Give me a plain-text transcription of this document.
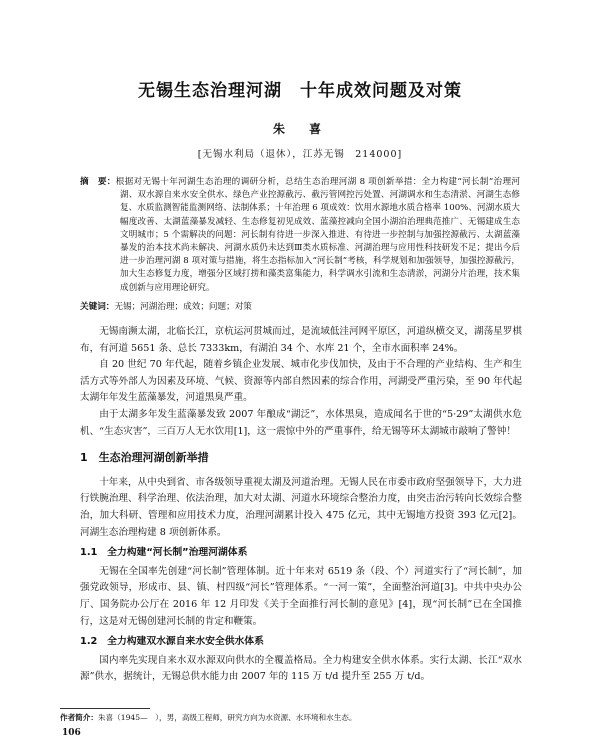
无锡生态治理河湖　十年成效问题及对策
朱　喜
[无锡水利局（退休），江苏无锡　214000]
摘　要：根据对无锡十年河湖生态治理的调研分析，总结生态治理河湖 8 项创新举措：全力构建“河长制”治理河湖、双水源自来水安全供水、绿色产业控源截污、截污管网控污处置、河湖调水和生态清淤、河湖生态修复、水质监测智能监测网络、法制体系；十年治理 6 项成效：饮用水源地水质合格率 100%、河湖水质大幅度改善、太湖蓝藻暴发减轻、生态修复初见成效、蓝藻控减向全国小湖泊治理典范推广、无锡建成生态文明城市；5 个需解决的问题：河长制有待进一步深入推进、有待进一步控制与加强控源截污、太湖蓝藻暴发的治本技术尚未解决、河湖水质仍未达到Ⅲ类水质标准、河湖治理与应用性科技研发不足；提出今后进一步治理河湖 8 项对策与措施，将生态指标加入“河长制”考核，科学规划和加强领导，加强控源截污，加大生态修复力度，增强分区域打捞和藻类富集能力，科学调水引流和生态清淤，河湖分片治理，技术集成创新与应用理论研究。
关键词：无锡；河湖治理；成效；问题；对策

无锡南濒太湖，北临长江，京杭运河贯城而过，是流域低洼河网平原区，河道纵横交叉，湖荡星罗棋布，有河道 5651 条、总长 7333km，有湖泊 34 个、水库 21 个，全市水面积率 24%。

自 20 世纪 70 年代起，随着乡镇企业发展、城市化步伐加快，及由于不合理的产业结构、生产和生活方式等外部人为因素及环境、气候、资源等内部自然因素的综合作用，河湖受严重污染，至 90 年代起太湖年年发生蓝藻暴发，河道黑臭严重。

由于太湖多年发生蓝藻暴发致 2007 年酿成“湖泛”，水体黑臭，造成闻名于世的“5·29”太湖供水危机、“生态灾害”，三百万人无水饮用[1]，这一震惊中外的严重事件，给无锡等环太湖城市敲响了警钟！

1　生态治理河湖创新举措

十年来，从中央到省、市各级领导重视太湖及河道治理。无锡人民在市委市政府坚强领导下，大力进行铁腕治理、科学治理、依法治理，加大对太湖、河道水环境综合整治力度，由突击治污转向长效综合整治，加大科研、管理和应用技术力度，治理河湖累计投入 475 亿元，其中无锡地方投资 393 亿元[2]。河湖生态治理构建 8 项创新体系。

1.1　全力构建“河长制”治理河湖体系

无锡在全国率先创建“河长制”管理体制。近十年来对 6519 条（段、个）河道实行了“河长制”，加强党政领导，形成市、县、镇、村四级“河长”管理体系。“一河一策”，全面整治河道[3]。中共中央办公厅、国务院办公厅在 2016 年 12 月印发《关于全面推行河长制的意见》[4]，现“河长制”已在全国推行，这是对无锡创建河长制的肯定和鞭策。

1.2　全力构建双水源自来水安全供水体系

国内率先实现自来水双水源双向供水的全覆盖格局。全力构建安全供水体系。实行太湖、长江“双水源”供水，据统计，无锡总供水能力由 2007 年的 115 万 t/d 提升至 255 万 t/d。

作者简介：朱喜（1945—　），男，高级工程师，研究方向为水资源、水环境和水生态。
106
